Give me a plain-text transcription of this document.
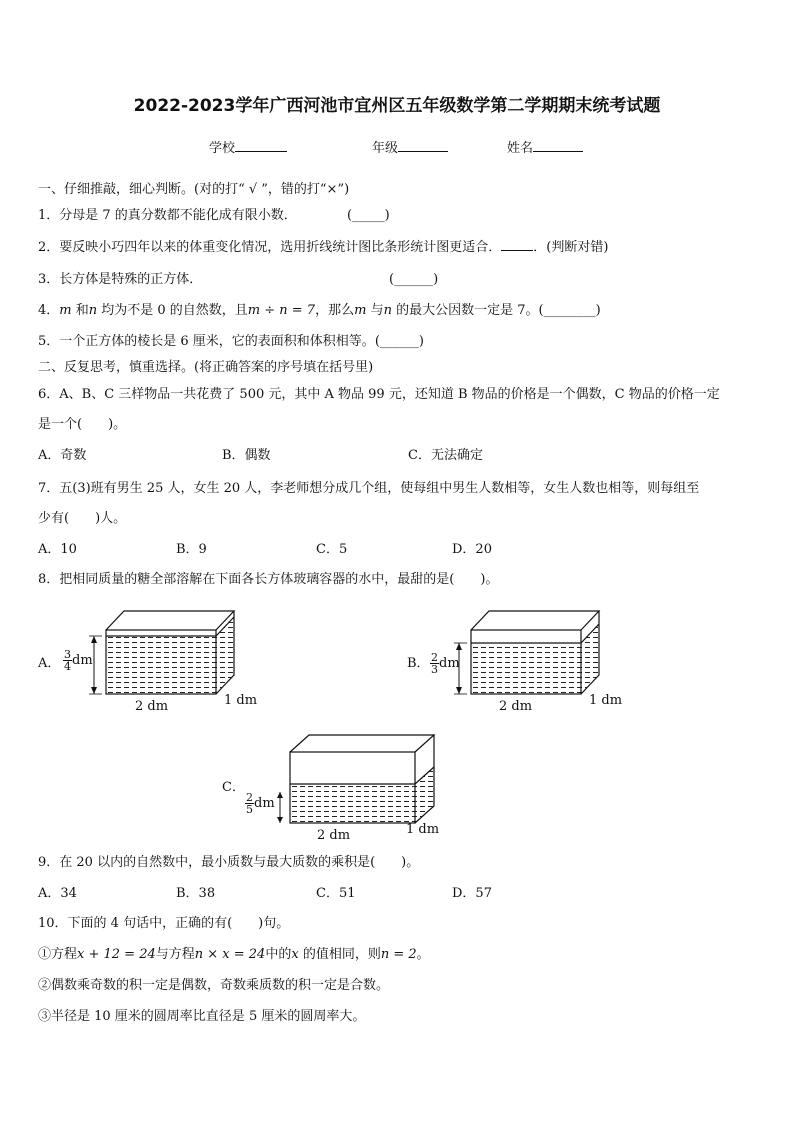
2022-2023学年广西河池市宜州区五年级数学第二学期期末统考试题
学校	年级	姓名
一、仔细推敲，细心判断。(对的打“ √ ”，错的打“×”)
1．分母是 7 的真分数都不能化成有限小数．	(_____)
2．要反映小巧四年以来的体重变化情况，选用折线统计图比条形统计图更适合． ．(判断对错)
3．长方体是特殊的正方体．	(______)
4．m 和n 均为不是 0 的自然数，且m ÷ n = 7，那么m 与n 的最大公因数一定是 7。(________)
5．一个正方体的棱长是 6 厘米，它的表面积和体积相等。(______)
二、反复思考，慎重选择。(将正确答案的序号填在括号里)
6．A、B、C 三样物品一共花费了 500 元，其中 A 物品 99 元，还知道 B 物品的价格是一个偶数，C 物品的价格一定
是一个(　　)。
A．奇数	B．偶数	C．无法确定
7．五(3)班有男生 25 人，女生 20 人，李老师想分成几个组，使每组中男生人数相等，女生人数也相等，则每组至
少有(　　)人。
A．10	B．9	C．5	D．20
8．把相同质量的糖全部溶解在下面各长方体玻璃容器的水中，最甜的是(　　)。
A． $\frac{3}{4}$ dm
2 dm	1 dm
B． $\frac{2}{3}$ dm
2 dm	1 dm
C．
$\frac{2}{5}$ dm
2 dm	1 dm
9．在 20 以内的自然数中，最小质数与最大质数的乘积是(　　)。
A．34	B．38	C．51	D．57
10．下面的 4 句话中，正确的有(　　)句。
①方程x + 12 = 24与方程n × x = 24中的x 的值相同，则n = 2。
②偶数乘奇数的积一定是偶数，奇数乘质数的积一定是合数。
③半径是 10 厘米的圆周率比直径是 5 厘米的圆周率大。
